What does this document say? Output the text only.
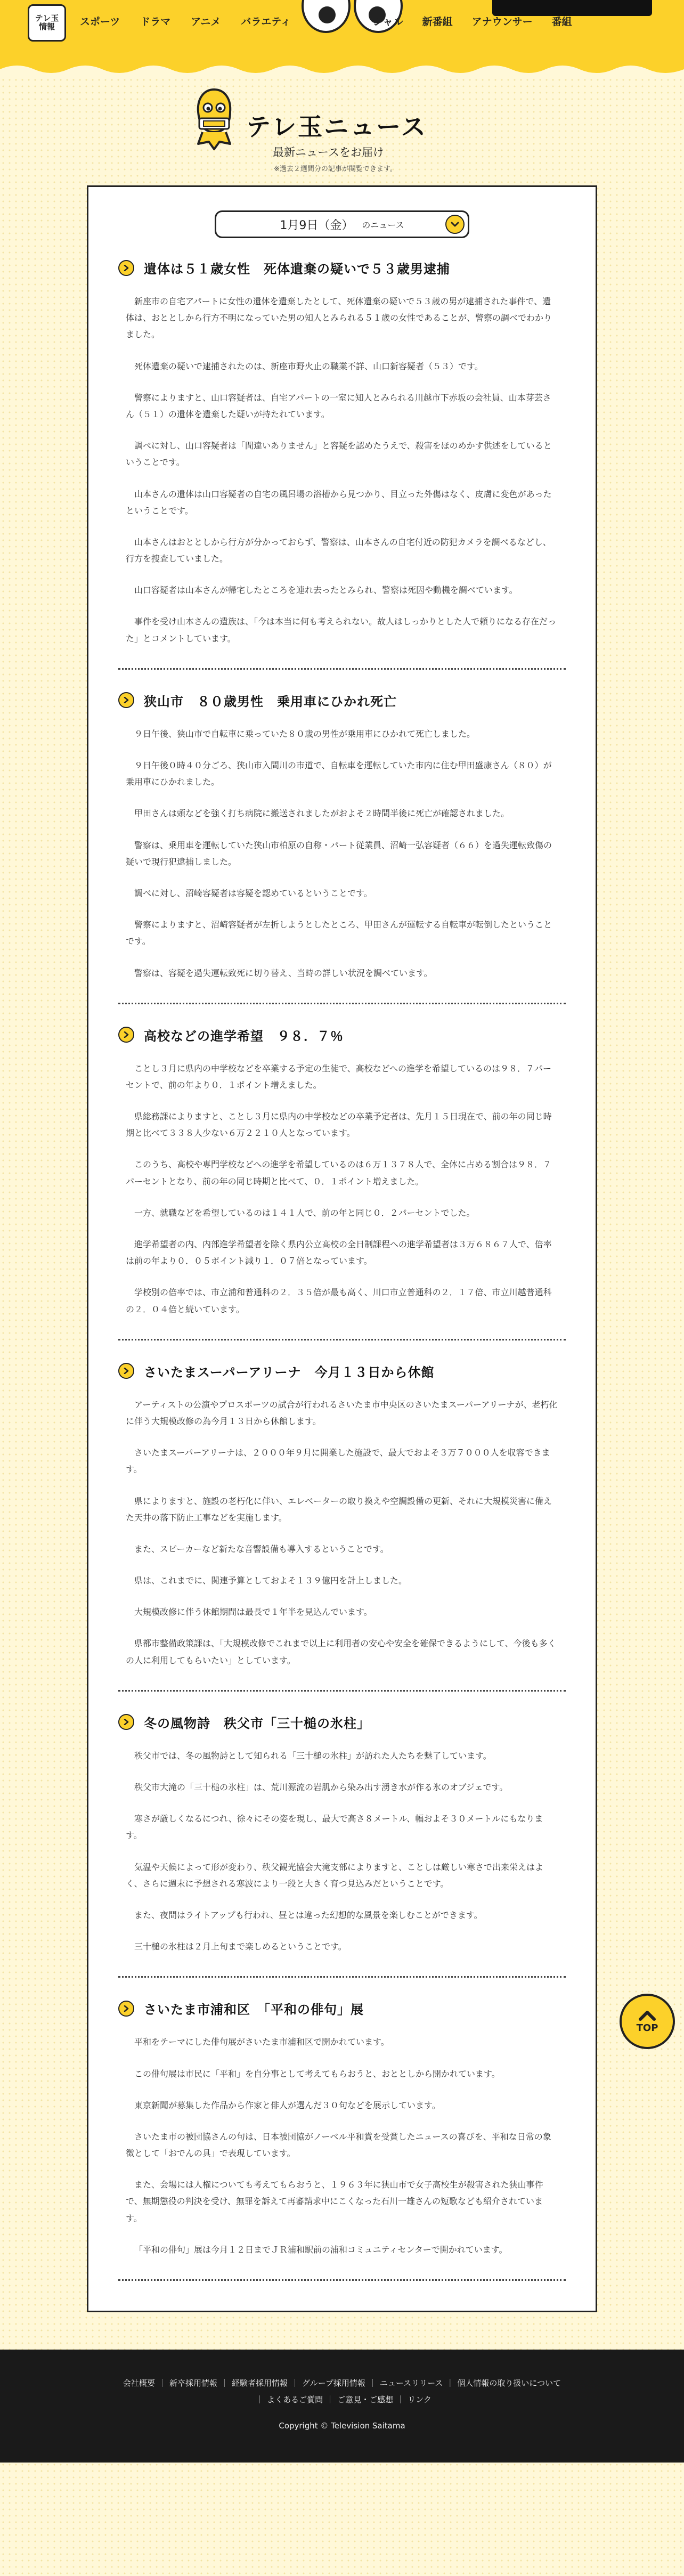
テレ玉
情報	スポーツ ドラマ アニメ バラエティ	シャル 新番組 アナウンサー 番組
テレ玉ニュース

最新ニュースをお届け

※過去２週間分の記事が閲覧できます。

1月9日（金） のニュース
遺体は５１歳女性　死体遺棄の疑いで５３歳男逮捕

新座市の自宅アパートに女性の遺体を遺棄したとして、死体遺棄の疑いで５３歳の男が逮捕された事件で、遺体は、おととしから行方不明になっていた男の知人とみられる５１歳の女性であることが、警察の調べでわかりました。

死体遺棄の疑いで逮捕されたのは、新座市野火止の職業不詳、山口新容疑者（５３）です。

警察によりますと、山口容疑者は、自宅アパートの一室に知人とみられる川越市下赤坂の会社員、山本芽芸さん（５１）の遺体を遺棄した疑いが持たれています。

調べに対し、山口容疑者は「間違いありません」と容疑を認めたうえで、殺害をほのめかす供述をしているということです。

山本さんの遺体は山口容疑者の自宅の風呂場の浴槽から見つかり、目立った外傷はなく、皮膚に変色があったということです。

山本さんはおととしから行方が分かっておらず、警察は、山本さんの自宅付近の防犯カメラを調べるなどし、行方を捜査していました。

山口容疑者は山本さんが帰宅したところを連れ去ったとみられ、警察は死因や動機を調べています。

事件を受け山本さんの遺族は、「今は本当に何も考えられない。故人はしっかりとした人で頼りになる存在だった」とコメントしています。

狭山市　８０歳男性　乗用車にひかれ死亡

９日午後、狭山市で自転車に乗っていた８０歳の男性が乗用車にひかれて死亡しました。

９日午後０時４０分ごろ、狭山市入間川の市道で、自転車を運転していた市内に住む甲田盛康さん（８０）が乗用車にひかれました。

甲田さんは頭などを強く打ち病院に搬送されましたがおよそ２時間半後に死亡が確認されました。

警察は、乗用車を運転していた狭山市柏原の自称・パート従業員、沼崎一弘容疑者（６６）を過失運転致傷の疑いで現行犯逮捕しました。

調べに対し、沼崎容疑者は容疑を認めているということです。

警察によりますと、沼崎容疑者が左折しようとしたところ、甲田さんが運転する自転車が転倒したということです。

警察は、容疑を過失運転致死に切り替え、当時の詳しい状況を調べています。

高校などの進学希望　９８．７％

ことし３月に県内の中学校などを卒業する予定の生徒で、高校などへの進学を希望しているのは９８．７パーセントで、前の年より０．１ポイント増えました。

県総務課によりますと、ことし３月に県内の中学校などの卒業予定者は、先月１５日現在で、前の年の同じ時期と比べて３３８人少ない６万２２１０人となっています。

このうち、高校や専門学校などへの進学を希望しているのは６万１３７８人で、全体に占める割合は９８．７パーセントとなり、前の年の同じ時期と比べて、０．１ポイント増えました。

一方、就職などを希望しているのは１４１人で、前の年と同じ０．２パーセントでした。

進学希望者の内、内部進学希望者を除く県内公立高校の全日制課程への進学希望者は３万６８６７人で、倍率は前の年より０．０５ポイント減り１．０７倍となっています。

学校別の倍率では、市立浦和普通科の２．３５倍が最も高く、川口市立普通科の２．１７倍、市立川越普通科の２．０４倍と続いています。

さいたまスーパーアリーナ　今月１３日から休館

アーティストの公演やプロスポーツの試合が行われるさいたま市中央区のさいたまスーパーアリーナが、老朽化に伴う大規模改修の為今月１３日から休館します。

さいたまスーパーアリーナは、２０００年９月に開業した施設で、最大でおよそ３万７０００人を収容できます。

県によりますと、施設の老朽化に伴い、エレベーターの取り換えや空調設備の更新、それに大規模災害に備えた天井の落下防止工事などを実施します。

また、スピーカーなど新たな音響設備も導入するということです。

県は、これまでに、関連予算としておよそ１３９億円を計上しました。

大規模改修に伴う休館期間は最長で１年半を見込んでいます。

県都市整備政策課は、「大規模改修でこれまで以上に利用者の安心や安全を確保できるようにして、今後も多くの人に利用してもらいたい」としています。

冬の風物詩　秩父市「三十槌の氷柱」

秩父市では、冬の風物詩として知られる「三十槌の氷柱」が訪れた人たちを魅了しています。

秩父市大滝の「三十槌の氷柱」は、荒川源流の岩肌から染み出す湧き水が作る氷のオブジェです。

寒さが厳しくなるにつれ、徐々にその姿を現し、最大で高さ８メートル、幅およそ３０メートルにもなります。

気温や天候によって形が変わり、秩父観光協会大滝支部によりますと、ことしは厳しい寒さで出来栄えはよく、さらに週末に予想される寒波により一段と大きく育つ見込みだということです。

また、夜間はライトアップも行われ、昼とは違った幻想的な風景を楽しむことができます。

三十槌の氷柱は２月上旬まで楽しめるということです。

さいたま市浦和区　「平和の俳句」展

平和をテーマにした俳句展がさいたま市浦和区で開かれています。

この俳句展は市民に「平和」を自分事として考えてもらおうと、おととしから開かれています。

東京新聞が募集した作品から作家と俳人が選んだ３０句などを展示しています。

さいたま市の被団協さんの句は、日本被団協がノーベル平和賞を受賞したニュースの喜びを、平和な日常の象徴として「おでんの具」で表現しています。

また、会場には人権についても考えてもらおうと、１９６３年に狭山市で女子高校生が殺害された狭山事件で、無期懲役の判決を受け、無罪を訴えて再審請求中にこくなった石川一雄さんの短歌なども紹介されています。

「平和の俳句」展は今月１２日までＪＲ浦和駅前の浦和コミュニティセンターで開かれています。

TOP
会社概要	｜ 新卒採用情報	｜ 経験者採用情報	｜ グループ採用情報	｜ ニュースリリース	｜ 個人情報の取り扱いについて
｜ よくあるご質問	｜ ご意見・ご感想	｜ リンク

Copyright © Television Saitama
